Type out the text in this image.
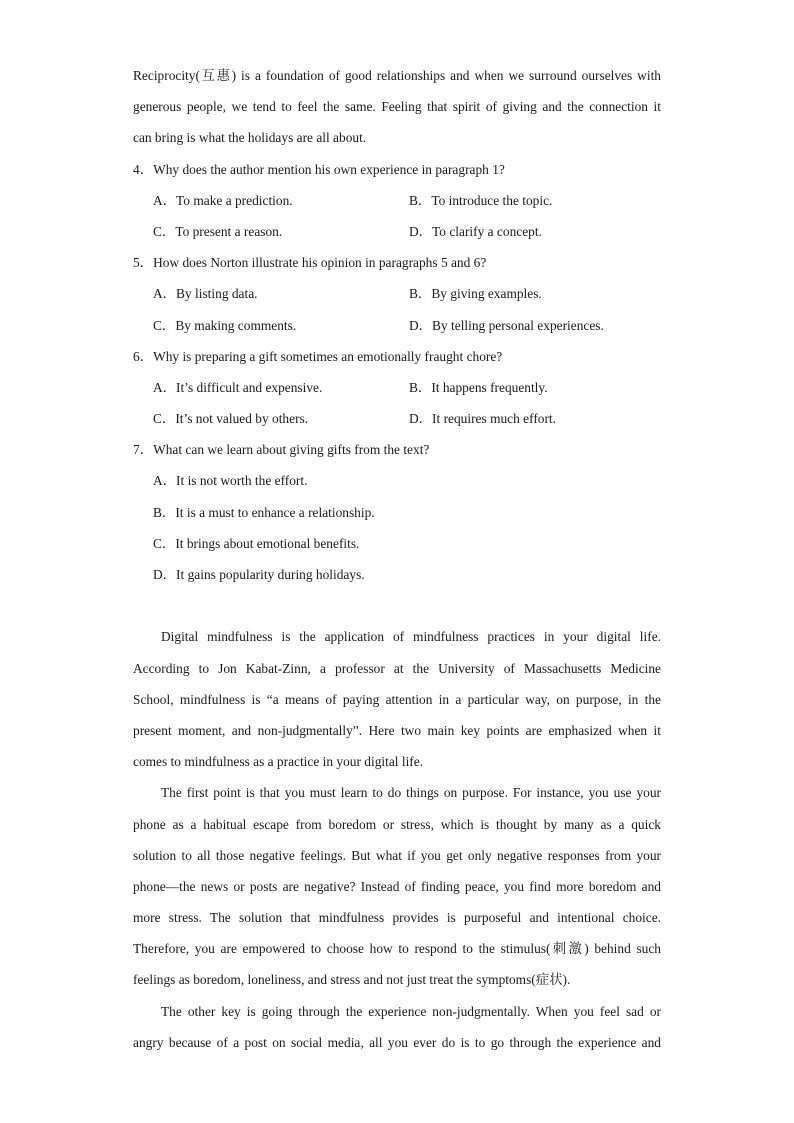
Reciprocity(互惠) is a foundation of good relationships and when we surround ourselves with
generous people, we tend to feel the same. Feeling that spirit of giving and the connection it
can bring is what the holidays are all about.
4．Why does the author mention his own experience in paragraph 1?
A．To make a prediction.	B．To introduce the topic.
C．To present a reason.	D．To clarify a concept.
5．How does Norton illustrate his opinion in paragraphs 5 and 6?
A．By listing data.	B．By giving examples.
C．By making comments.	D．By telling personal experiences.
6．Why is preparing a gift sometimes an emotionally fraught chore?
A．It’s difficult and expensive.	B．It happens frequently.
C．It’s not valued by others.	D．It requires much effort.
7．What can we learn about giving gifts from the text?
A．It is not worth the effort.
B．It is a must to enhance a relationship.
C．It brings about emotional benefits.
D．It gains popularity during holidays.
Digital mindfulness is the application of mindfulness practices in your digital life.
According to Jon Kabat-Zinn, a professor at the University of Massachusetts Medicine
School, mindfulness is “a means of paying attention in a particular way, on purpose, in the
present moment, and non-judgmentally”. Here two main key points are emphasized when it
comes to mindfulness as a practice in your digital life.
The first point is that you must learn to do things on purpose. For instance, you use your
phone as a habitual escape from boredom or stress, which is thought by many as a quick
solution to all those negative feelings. But what if you get only negative responses from your
phone—the news or posts are negative? Instead of finding peace, you find more boredom and
more stress. The solution that mindfulness provides is purposeful and intentional choice.
Therefore, you are empowered to choose how to respond to the stimulus(刺激) behind such
feelings as boredom, loneliness, and stress and not just treat the symptoms(症状).
The other key is going through the experience non-judgmentally. When you feel sad or
angry because of a post on social media, all you ever do is to go through the experience and
